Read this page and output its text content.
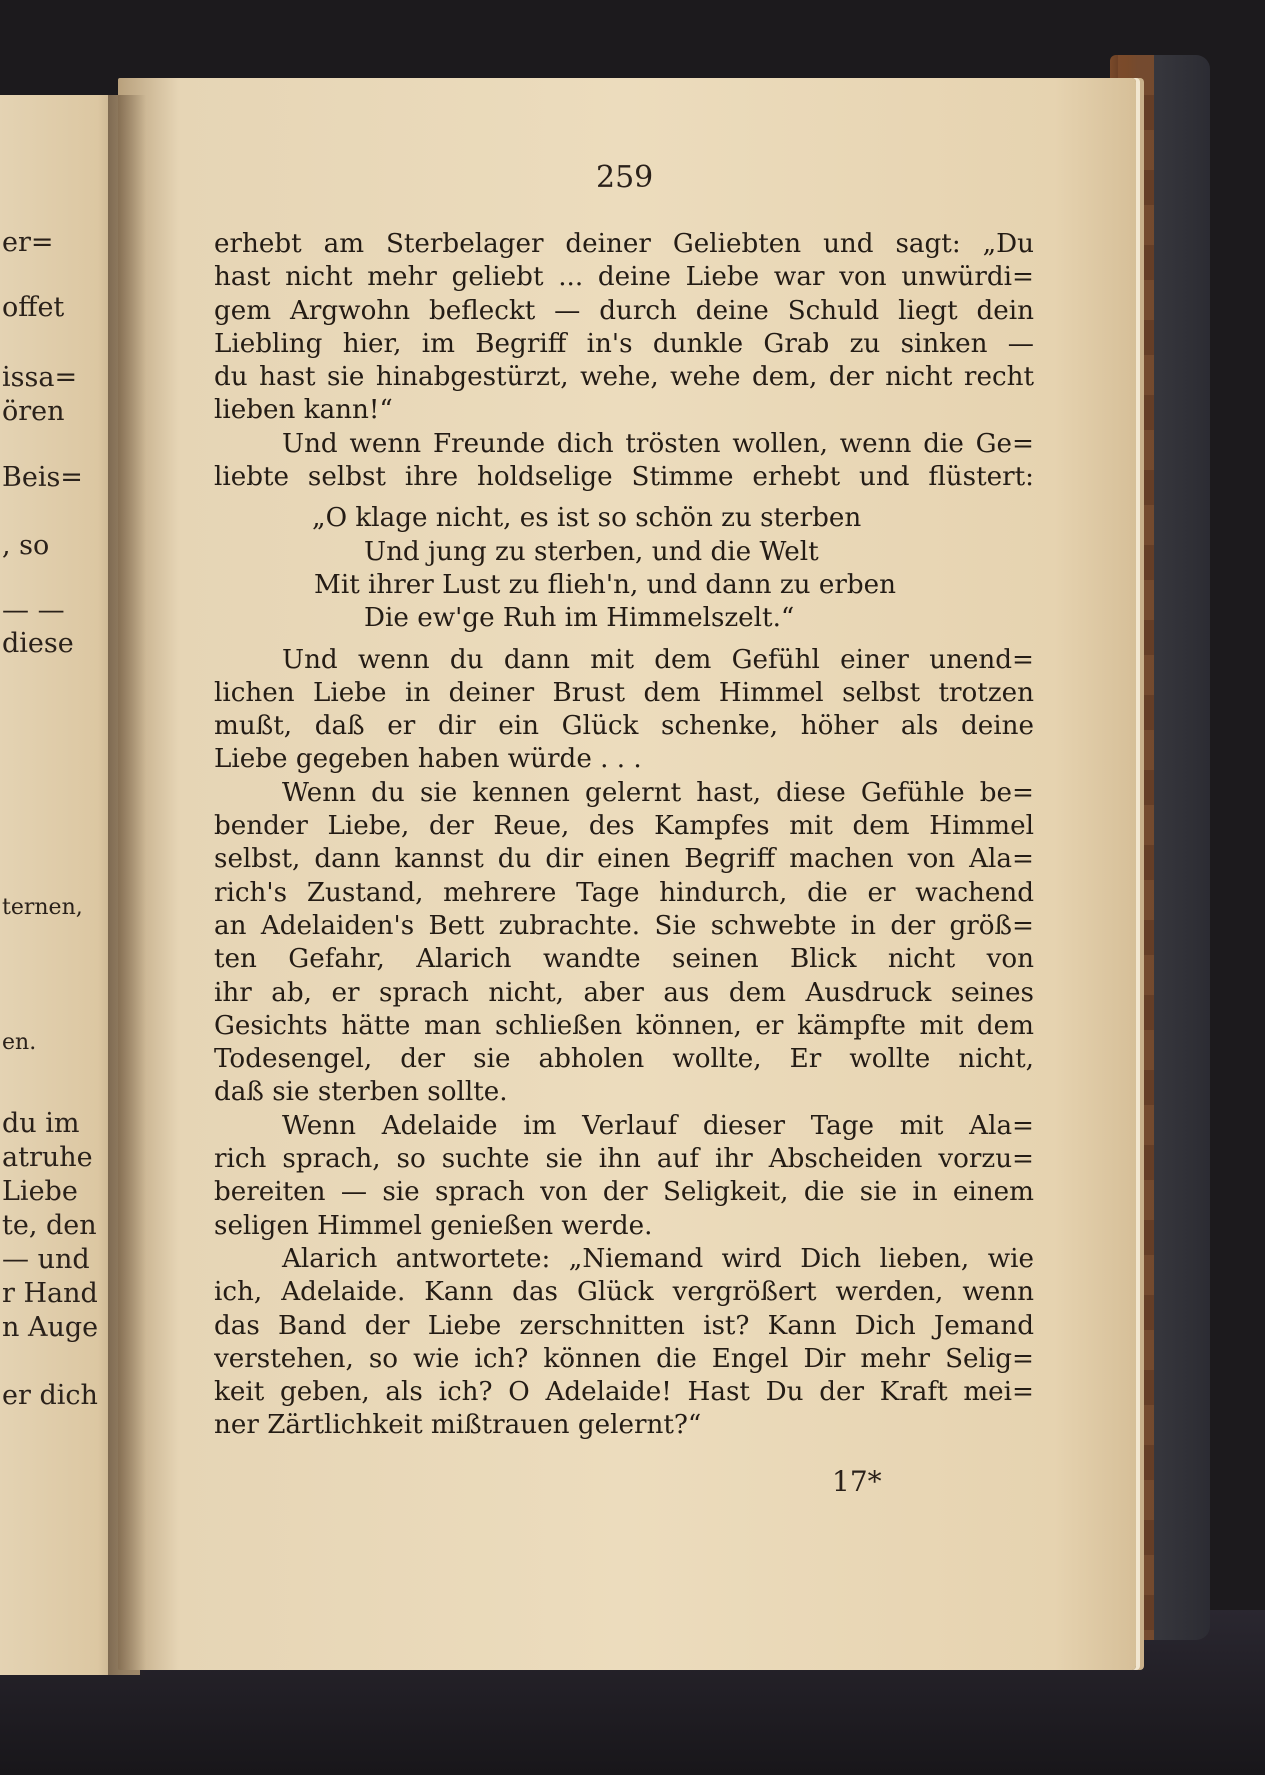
er=
offet
issa=
ören
Beis=
, so
— —
diese
ternen,
en.
du im
atruhe
Liebe
te, den
— und
r Hand
n Auge
er dich
259
erhebt am Sterbelager deiner Geliebten und sagt: „Du
hast nicht mehr geliebt ... deine Liebe war von unwürdi=
gem Argwohn befleckt — durch deine Schuld liegt dein
Liebling hier, im Begriff in's dunkle Grab zu sinken —
du hast sie hinabgestürzt, wehe, wehe dem, der nicht recht
lieben kann!“
Und wenn Freunde dich trösten wollen, wenn die Ge=
liebte selbst ihre holdselige Stimme erhebt und flüstert:
„O klage nicht, es ist so schön zu sterben
Und jung zu sterben, und die Welt
Mit ihrer Lust zu flieh'n, und dann zu erben
Die ew'ge Ruh im Himmelszelt.“
Und wenn du dann mit dem Gefühl einer unend=
lichen Liebe in deiner Brust dem Himmel selbst trotzen
mußt, daß er dir ein Glück schenke, höher als deine
Liebe gegeben haben würde . . .
Wenn du sie kennen gelernt hast, diese Gefühle be=
bender Liebe, der Reue, des Kampfes mit dem Himmel
selbst, dann kannst du dir einen Begriff machen von Ala=
rich's Zustand, mehrere Tage hindurch, die er wachend
an Adelaiden's Bett zubrachte. Sie schwebte in der größ=
ten Gefahr, Alarich wandte seinen Blick nicht von
ihr ab, er sprach nicht, aber aus dem Ausdruck seines
Gesichts hätte man schließen können, er kämpfte mit dem
Todesengel, der sie abholen wollte, Er wollte nicht,
daß sie sterben sollte.
Wenn Adelaide im Verlauf dieser Tage mit Ala=
rich sprach, so suchte sie ihn auf ihr Abscheiden vorzu=
bereiten — sie sprach von der Seligkeit, die sie in einem
seligen Himmel genießen werde.
Alarich antwortete: „Niemand wird Dich lieben, wie
ich, Adelaide. Kann das Glück vergrößert werden, wenn
das Band der Liebe zerschnitten ist? Kann Dich Jemand
verstehen, so wie ich? können die Engel Dir mehr Selig=
keit geben, als ich? O Adelaide! Hast Du der Kraft mei=
ner Zärtlichkeit mißtrauen gelernt?“
17*
